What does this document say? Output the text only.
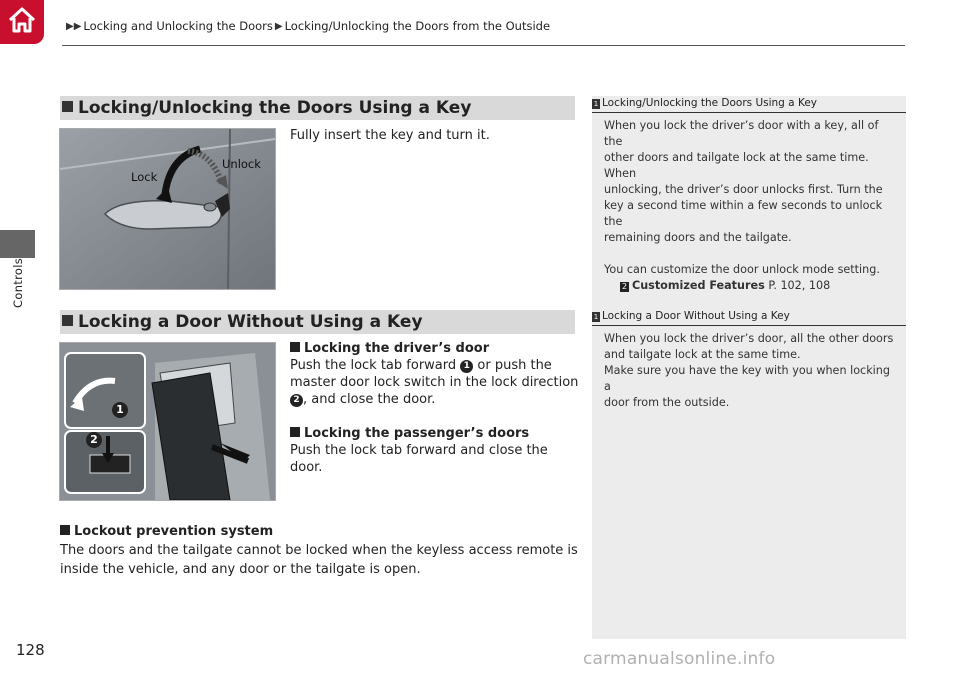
▶▶ Locking and Unlocking the Doors ▶ Locking/Unlocking the Doors from the Outside
Controls
Locking/Unlocking the Doors Using a Key
Lock
Unlock
Fully insert the key and turn it.
Locking a Door Without Using a Key
1
2
Locking the driver’s door
Push the lock tab forward 1 or push the
master door lock switch in the lock direction
2 , and close the door.
Locking the passenger’s doors
Push the lock tab forward and close the door.
Lockout prevention system
The doors and the tailgate cannot be locked when the keyless access remote is
inside the vehicle, and any door or the tailgate is open.
1 Locking/Unlocking the Doors Using a Key
When you lock the driver’s door with a key, all of the
other doors and tailgate lock at the same time. When
unlocking, the driver’s door unlocks first. Turn the
key a second time within a few seconds to unlock the
remaining doors and the tailgate.
You can customize the door unlock mode setting.
2 Customized Features P. 102, 108
1 Locking a Door Without Using a Key
When you lock the driver’s door, all the other doors
and tailgate lock at the same time.
Make sure you have the key with you when locking a
door from the outside.
128	carmanualsonline.info
